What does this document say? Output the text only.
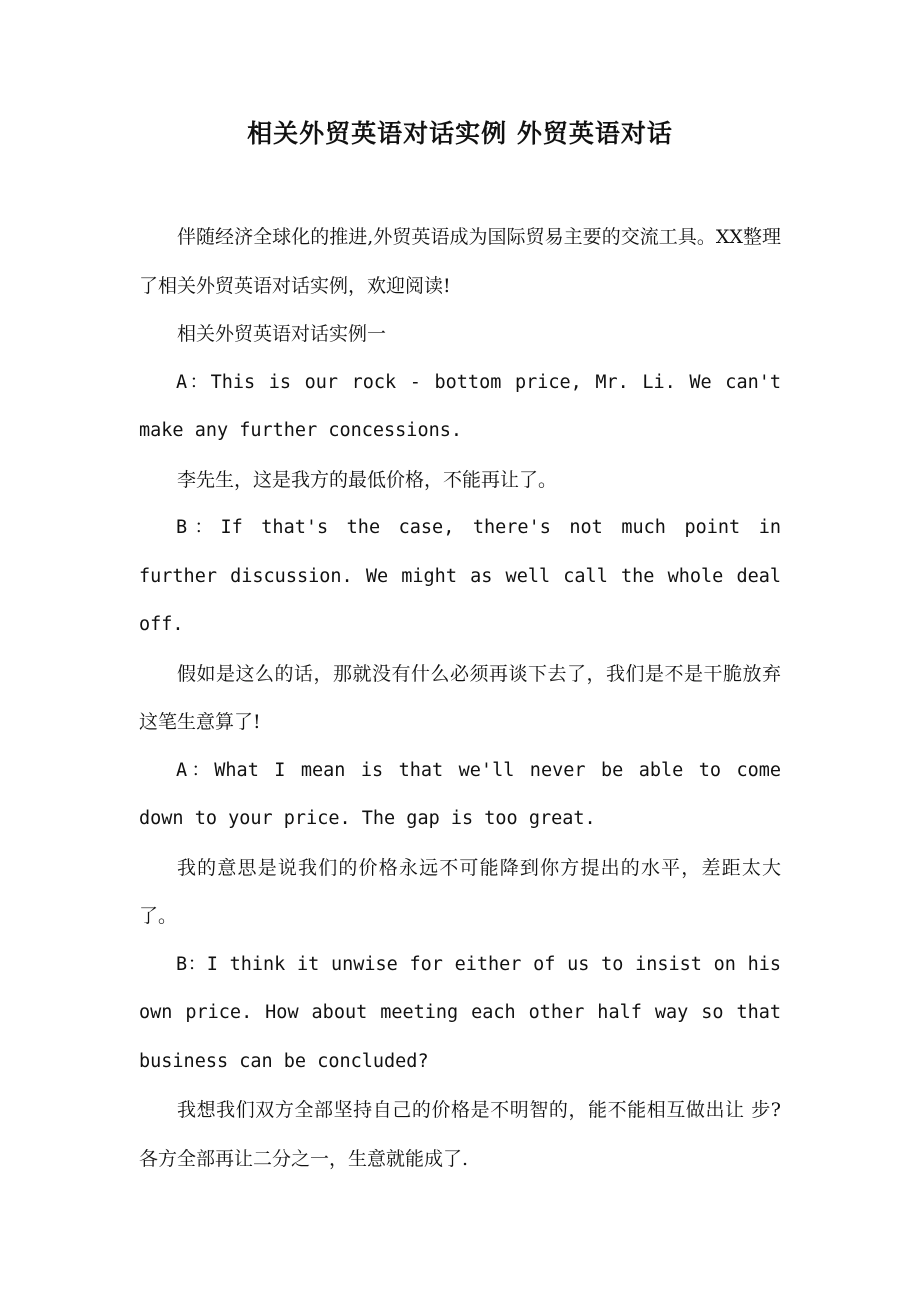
相关外贸英语对话实例 外贸英语对话

伴随经济全球化的推进,外贸英语成为国际贸易主要的交流工具。XX整理了相关外贸英语对话实例，欢迎阅读!

相关外贸英语对话实例一

A：This is our rock - bottom price, Mr. Li. We can't make any further concessions.

李先生，这是我方的最低价格，不能再让了。

B：If that's the case, there's not much point in further discussion. We might as well call the whole deal off.

假如是这么的话，那就没有什么必须再谈下去了，我们是不是干脆放弃这笔生意算了!

A：What I mean is that we'll never be able to come down to your price. The gap is too great.

我的意思是说我们的价格永远不可能降到你方提出的水平，差距太大了。

B：I think it unwise for either of us to insist on his own price. How about meeting each other half way so that business can be concluded?

我想我们双方全部坚持自己的价格是不明智的，能不能相互做出让 步?各方全部再让二分之一，生意就能成了.
